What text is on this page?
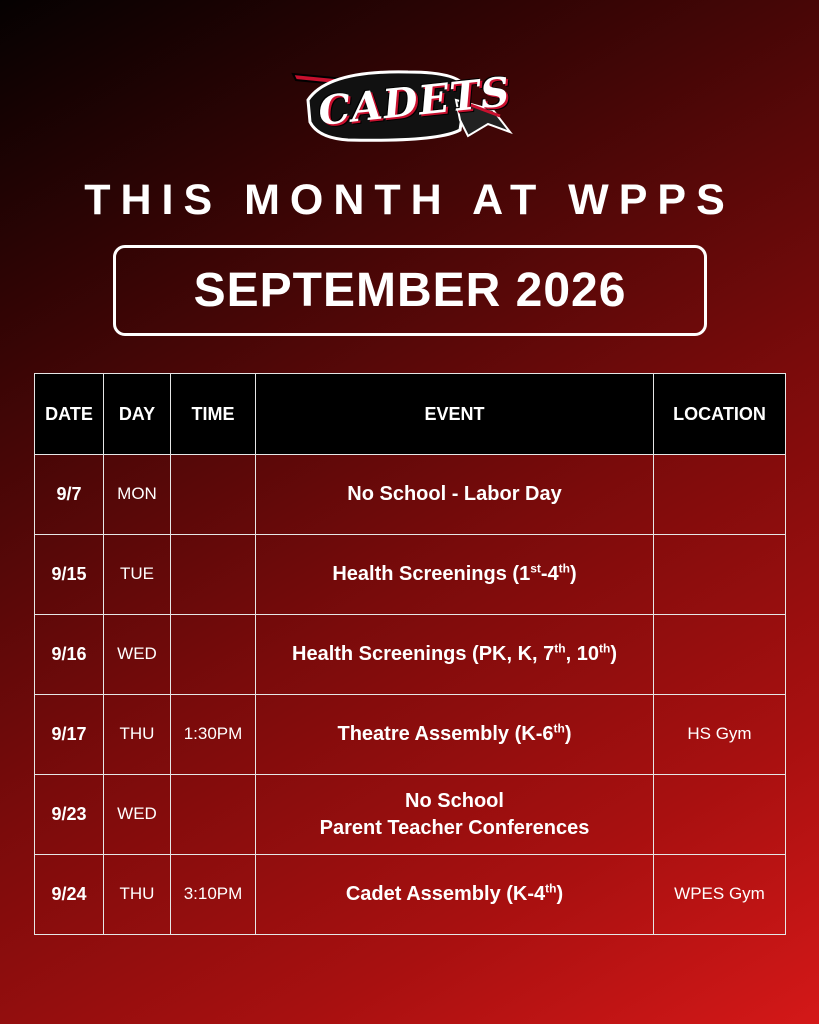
CADETS
THIS MONTH AT WPPS
SEPTEMBER 2026
DATE	DAY	TIME	EVENT	LOCATION
9/7	MON		No School - Labor Day	
9/15	TUE		Health Screenings (1st-4th)	
9/16	WED		Health Screenings (PK, K, 7th, 10th)	
9/17	THU	1:30PM	Theatre Assembly (K-6th)	HS Gym
9/23	WED		No School
Parent Teacher Conferences	

9/24	THU	3:10PM	Cadet Assembly (K-4th)	WPES Gym
